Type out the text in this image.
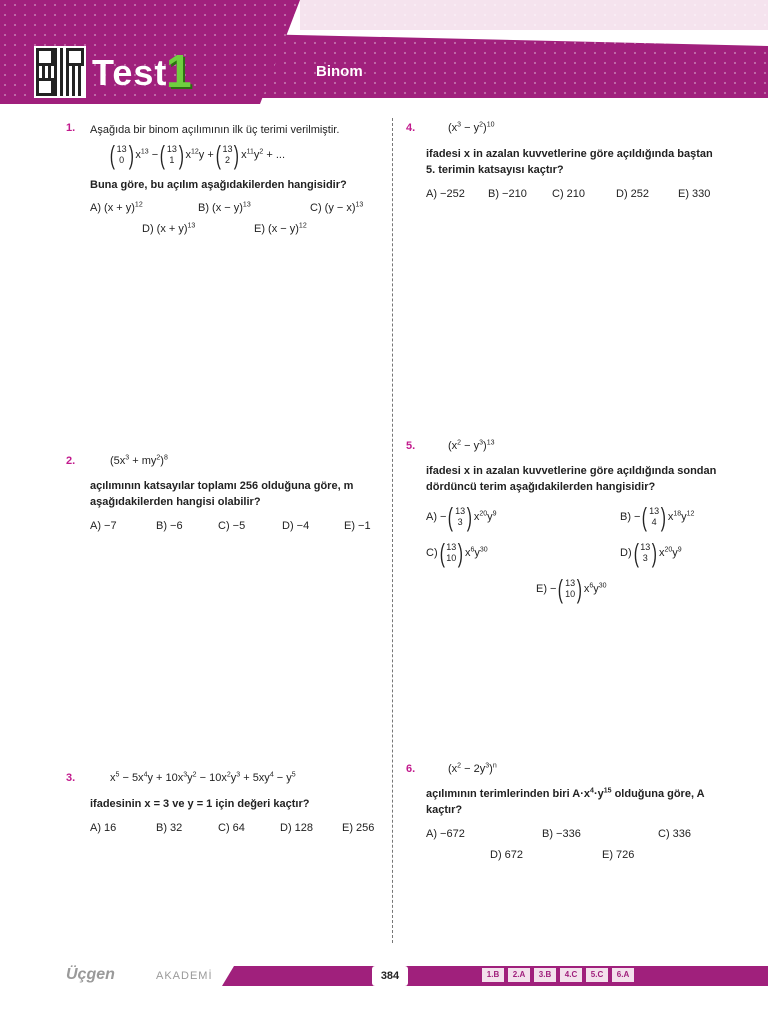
Test
1	Binom
1. Aşağıda bir binom açılımının ilk üç terimi verilmiştir.
( 13
0 ) $x^{13}$ − ( 13
1 ) $x^{12}y$ + ( 13
2 ) $x^{11}y^2$ + ...
Buna göre, bu açılım aşağıdakilerden hangisidir?
A) $(x + y)^{12}$	B) $(x - y)^{13}$	C) $(y - x)^{13}$
D) $(x + y)^{13}$	E) $(x - y)^{12}$
2.	$(5x^3 + my^2)^8$
açılımının katsayılar toplamı 256 olduğuna göre, m aşağıdakilerden hangisi olabilir?
A) −7	B) −6	C) −5	D) −4	E) −1
3.	$x^5 - 5x^4y + 10x^3y^2 - 10x^2y^3 + 5xy^4 - y^5$
ifadesinin x = 3 ve y = 1 için değeri kaçtır?
A) 16	B) 32	C) 64	D) 128	E) 256
4.	$(x^3 - y^2)^{10}$
ifadesi x in azalan kuvvetlerine göre açıldığında baştan 5. terimin katsayısı kaçtır?
A) −252 B) −210 C) 210	D) 252	E) 330
5.	$(x^2 - y^3)^{13}$
ifadesi x in azalan kuvvetlerine göre açıldığında sondan dördüncü terim aşağıdakilerden hangisidir?
A) − ( 13
3 ) $x^{20}y^9$	B) − ( 13
4 ) $x^{18}y^{12}$
C) ( 13
10 ) $x^6y^{30}$	D) ( 13
3 ) $x^{20}y^9$
E) − ( 13
10 ) $x^6y^{30}$
6.	$(x^2 - 2y^3)^n$
açılımının terimlerinden biri $A\cdot x^4\cdot y^{15}$ olduğuna göre, A kaçtır?
A) −672	B) −336	C) 336
D) 672	E) 726
Üçgen	AKADEMİ	384	1.B	2.A	3.B	4.C	5.C	6.A
